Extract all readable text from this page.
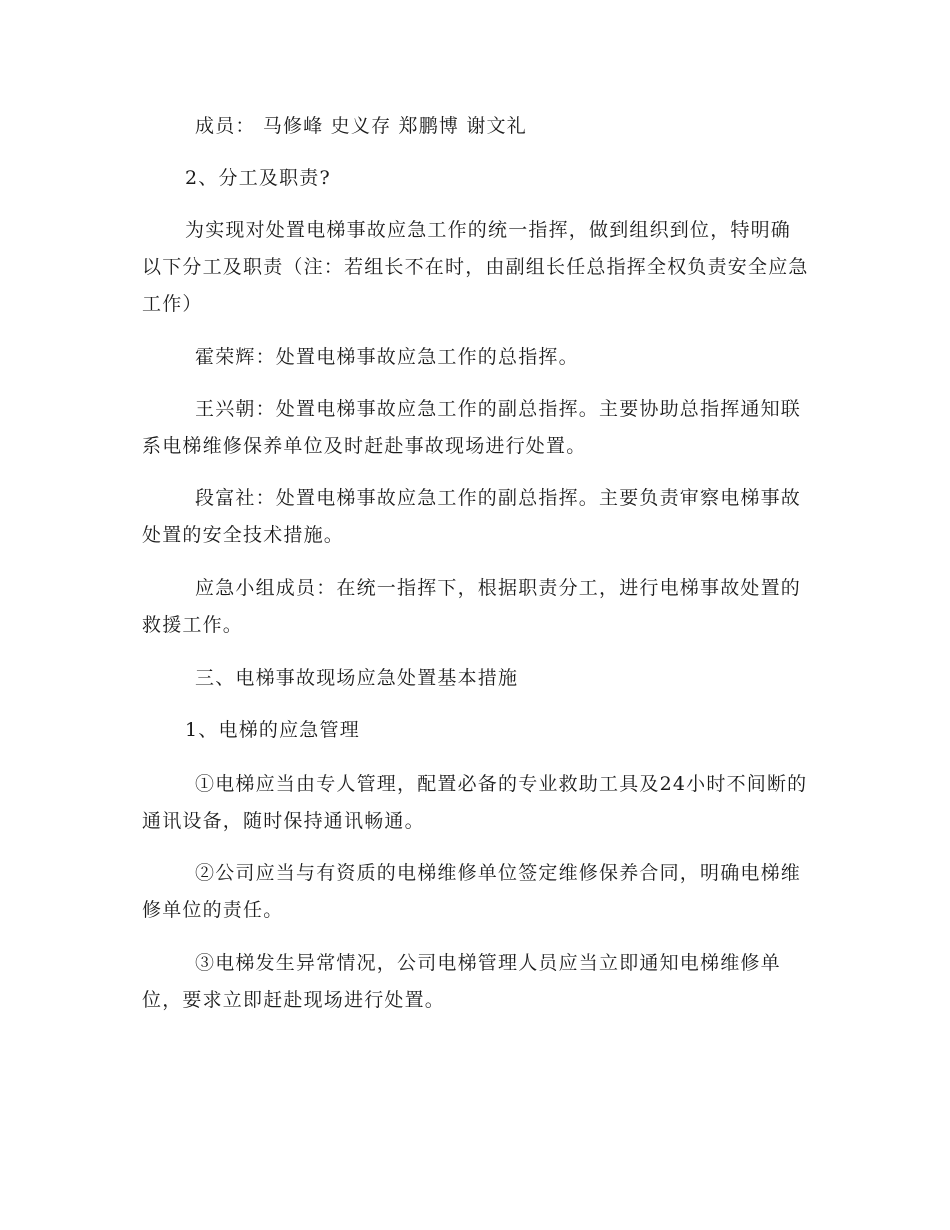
成员： 马修峰 史义存 郑鹏博 谢文礼

2、分工及职责?

为实现对处置电梯事故应急工作的统一指挥，做到组织到位，特明确以下分工及职责（注：若组长不在时，由副组长任总指挥全权负责安全应急工作）

霍荣辉：处置电梯事故应急工作的总指挥。

王兴朝：处置电梯事故应急工作的副总指挥。主要协助总指挥通知联系电梯维修保养单位及时赶赴事故现场进行处置。

段富社：处置电梯事故应急工作的副总指挥。主要负责审察电梯事故处置的安全技术措施。

应急小组成员：在统一指挥下，根据职责分工，进行电梯事故处置的救援工作。

三、电梯事故现场应急处置基本措施

1、电梯的应急管理

①电梯应当由专人管理，配置必备的专业救助工具及24小时不间断的通讯设备，随时保持通讯畅通。

②公司应当与有资质的电梯维修单位签定维修保养合同，明确电梯维修单位的责任。

③电梯发生异常情况，公司电梯管理人员应当立即通知电梯维修单位，要求立即赶赴现场进行处置。
